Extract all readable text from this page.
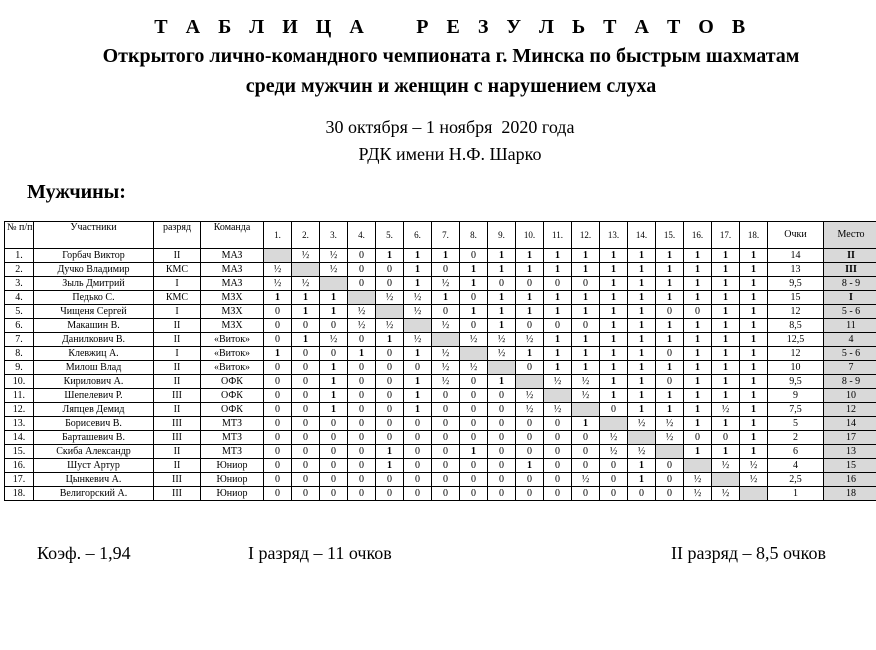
Т А Б Л И Ц А    Р Е З У Л Ь Т А Т О В
Открытого лично-командного чемпионата г. Минска по быстрым шахматам
среди мужчин и женщин с нарушением слуха
30 октября – 1 ноября  2020 года
РДК имени Н.Ф. Шарко
Мужчины:
№ п/п	Участники	разряд	Команда	1.	2.	3.	4.	5.	6.	7.	8.	9.	10.	11.	12.	13.	14.	15.	16.	17.	18.	Очки	Место
1.	Горбач Виктор	II	МАЗ		½	½	0	1	1	1	0	1	1	1	1	1	1	1	1	1	1	14	II
2.	Дучко Владимир	КМС	МАЗ	½		½	0	0	1	0	1	1	1	1	1	1	1	1	1	1	1	13	III
3.	Зыль Дмитрий	I	МАЗ	½	½		0	0	1	½	1	0	0	0	0	1	1	1	1	1	1	9,5	8 - 9
4.	Педько С.	КМС	МЗХ	1	1	1		½	½	1	0	1	1	1	1	1	1	1	1	1	1	15	I
5.	Чищеня Сергей	I	МЗХ	0	1	1	½		½	0	1	1	1	1	1	1	1	0	0	1	1	12	5 - 6
6.	Макашин В.	II	МЗХ	0	0	0	½	½		½	0	1	0	0	0	1	1	1	1	1	1	8,5	11
7.	Данилкович В.	II	«Виток»	0	1	½	0	1	½		½	½	½	1	1	1	1	1	1	1	1	12,5	4
8.	Клевжиц А.	I	«Виток»	1	0	0	1	0	1	½		½	1	1	1	1	1	0	1	1	1	12	5 - 6
9.	Милош Влад	II	«Виток»	0	0	1	0	0	0	½	½		0	1	1	1	1	1	1	1	1	10	7
10.	Кирилович А.	II	ОФК	0	0	1	0	0	1	½	0	1		½	½	1	1	0	1	1	1	9,5	8 - 9
11.	Шепелевич Р.	III	ОФК	0	0	1	0	0	1	0	0	0	½		½	1	1	1	1	1	1	9	10
12.	Ляпцев Демид	II	ОФК	0	0	1	0	0	1	0	0	0	½	½		0	1	1	1	½	1	7,5	12
13.	Борисевич В.	III	МТЗ	0	0	0	0	0	0	0	0	0	0	0	1		½	½	1	1	1	5	14
14.	Барташевич В.	III	МТЗ	0	0	0	0	0	0	0	0	0	0	0	0	½		½	0	0	1	2	17
15.	Скиба Александр	II	МТЗ	0	0	0	0	1	0	0	1	0	0	0	0	½	½		1	1	1	6	13
16.	Шуст Артур	II	Юниор	0	0	0	0	1	0	0	0	0	1	0	0	0	1	0		½	½	4	15
17.	Цынкевич А.	III	Юниор	0	0	0	0	0	0	0	0	0	0	0	½	0	1	0	½		½	2,5	16
18.	Велигорский А.	III	Юниор	0	0	0	0	0	0	0	0	0	0	0	0	0	0	0	½	½		1	18
Коэф. – 1,94	I разряд – 11 очков	II разряд – 8,5 очков
